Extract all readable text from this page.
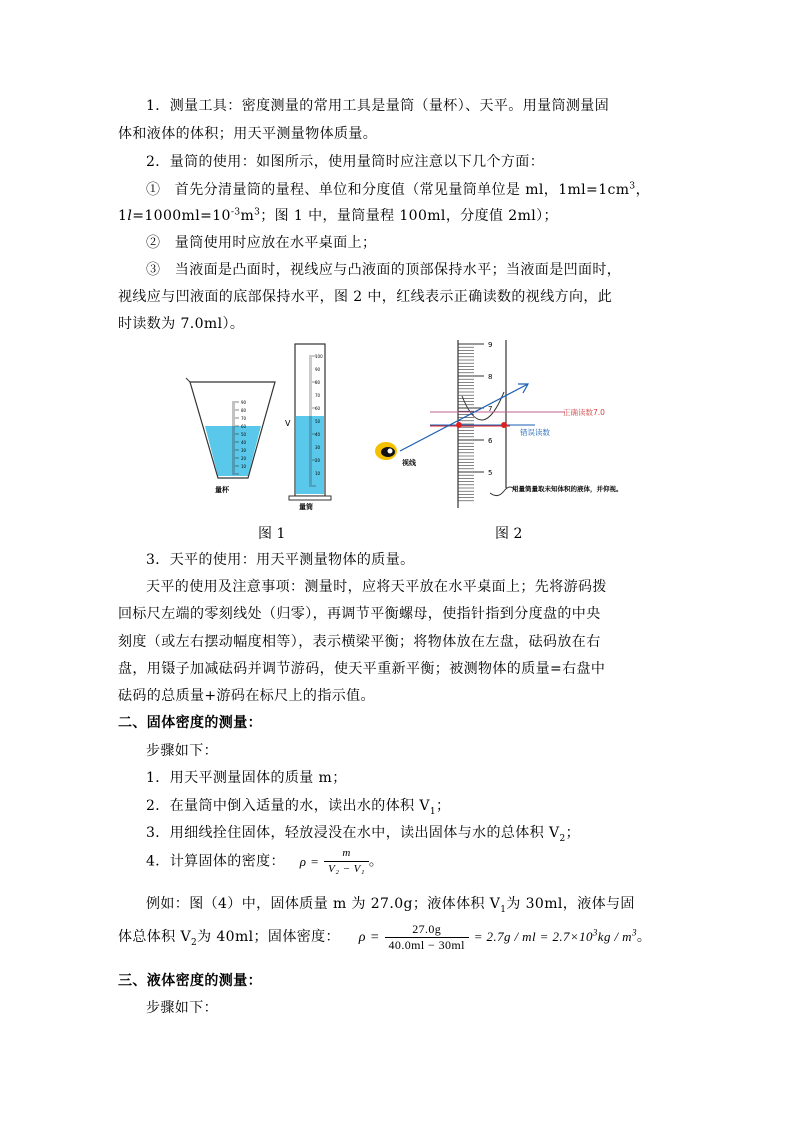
1．测量工具：密度测量的常用工具是量筒（量杯）、天平。用量筒测量固
体和液体的体积；用天平测量物体质量。
2．量筒的使用：如图所示，使用量筒时应注意以下几个方面：
①　首先分清量筒的量程、单位和分度值（常见量筒单位是 ml，$1ml=1cm^3$，
$1l=1000ml=10^{-3}m^3$；图 1 中，量筒量程 100ml，分度值 2ml）；
②　量筒使用时应放在水平桌面上；
③　当液面是凸面时，视线应与凸液面的顶部保持水平；当液面是凹面时，
视线应与凹液面的底部保持水平，图 2 中，红线表示正确读数的视线方向，此
时读数为 7.0ml）。
90
80
70
60
50
40
30
20
10
量杯
100
90
80
70
60
50
40
30
20
10
V
量筒
图 1
9
8
7
6
5
视线
正确读数7.0
错误读数
用量筒量取未知体积的液体，并仰视。
图 2
3．天平的使用：用天平测量物体的质量。
天平的使用及注意事项：测量时，应将天平放在水平桌面上；先将游码拨
回标尺左端的零刻线处（归零），再调节平衡螺母，使指针指到分度盘的中央
刻度（或左右摆动幅度相等），表示横梁平衡；将物体放在左盘，砝码放在右
盘，用镊子加减砝码并调节游码，使天平重新平衡；被测物体的质量=右盘中
砝码的总质量+游码在标尺上的指示值。
二、固体密度的测量：
步骤如下：
1．用天平测量固体的质量 m；
2．在量筒中倒入适量的水，读出水的体积 $V_1$；
3．用细线拴住固体，轻放浸没在水中，读出固体与水的总体积 $V_2$；
4．计算固体的密度： $\rho = \frac{m}{\text{V₂ − V₁}}$ 。
例如：图（4）中，固体质量 m 为 27.0g；液体体积 $V_1$为 30ml，液体与固
体总体积 $V_2$为 40ml；固体密度： $\rho = \frac{27.0g}{40.0ml - 30ml} = 2.7g$ / ml = $2.7\times 10^3kg / m^3$。
三、液体密度的测量：
步骤如下：
